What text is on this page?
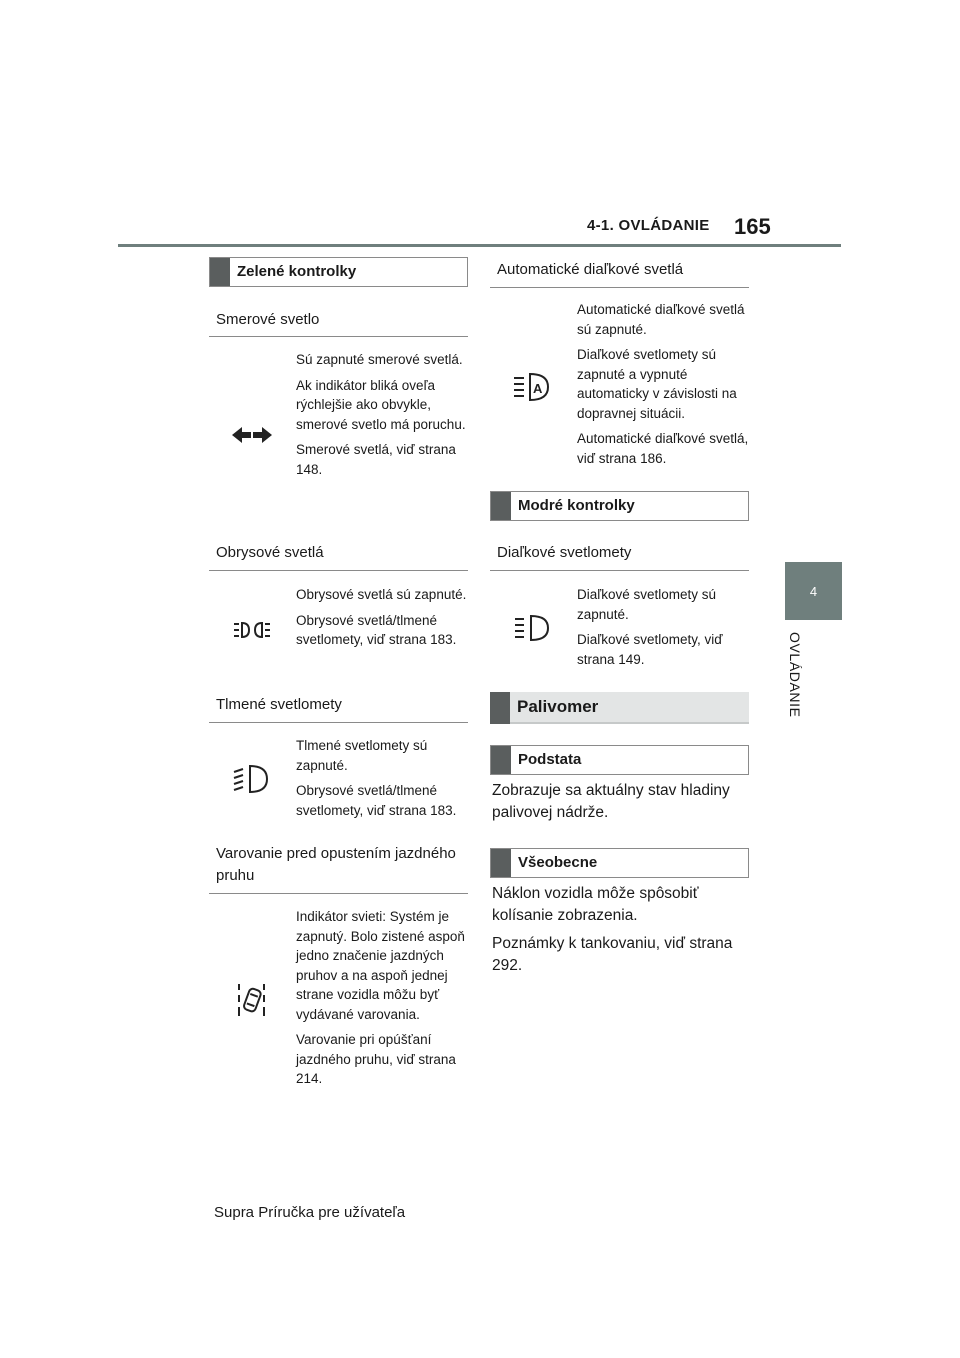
4-1. OVLÁDANIE 165
4
OVLÁDANIE
Zelené kontrolky
Smerové svetlo

Sú zapnuté smerové svetlá.

Ak indikátor bliká oveľa rýchlejšie ako obvykle, smerové svetlo má poruchu.

Smerové svetlá, viď strana 148.

Obrysové svetlá

Obrysové svetlá sú zapnuté.

Obrysové svetlá/tlmené svetlomety, viď strana 183.

Tlmené svetlomety

Tlmené svetlomety sú zapnuté.

Obrysové svetlá/tlmené svetlomety, viď strana 183.

Varovanie pred opustením jazdného pruhu

Indikátor svieti: Systém je zapnutý. Bolo zistené aspoň jedno značenie jazdných pruhov a na aspoň jednej strane vozidla môžu byť vydávané varovania.

Varovanie pri opúšťaní jazdného pruhu, viď strana 214.

Automatické diaľkové svetlá
A

Automatické diaľkové svetlá sú zapnuté.

Diaľkové svetlomety sú zapnuté a vypnuté automaticky v závislosti na dopravnej situácii.

Automatické diaľkové svetlá, viď strana 186.

Modré kontrolky
Diaľkové svetlomety

Diaľkové svetlomety sú zapnuté.

Diaľkové svetlomety, viď strana 149.

Palivomer
Podstata

Zobrazuje sa aktuálny stav hladiny palivovej nádrže.

Všeobecne

Náklon vozidla môže spôsobiť kolísanie zobrazenia.

Poznámky k tankovaniu, viď strana 292.

Supra Príručka pre užívateľa
